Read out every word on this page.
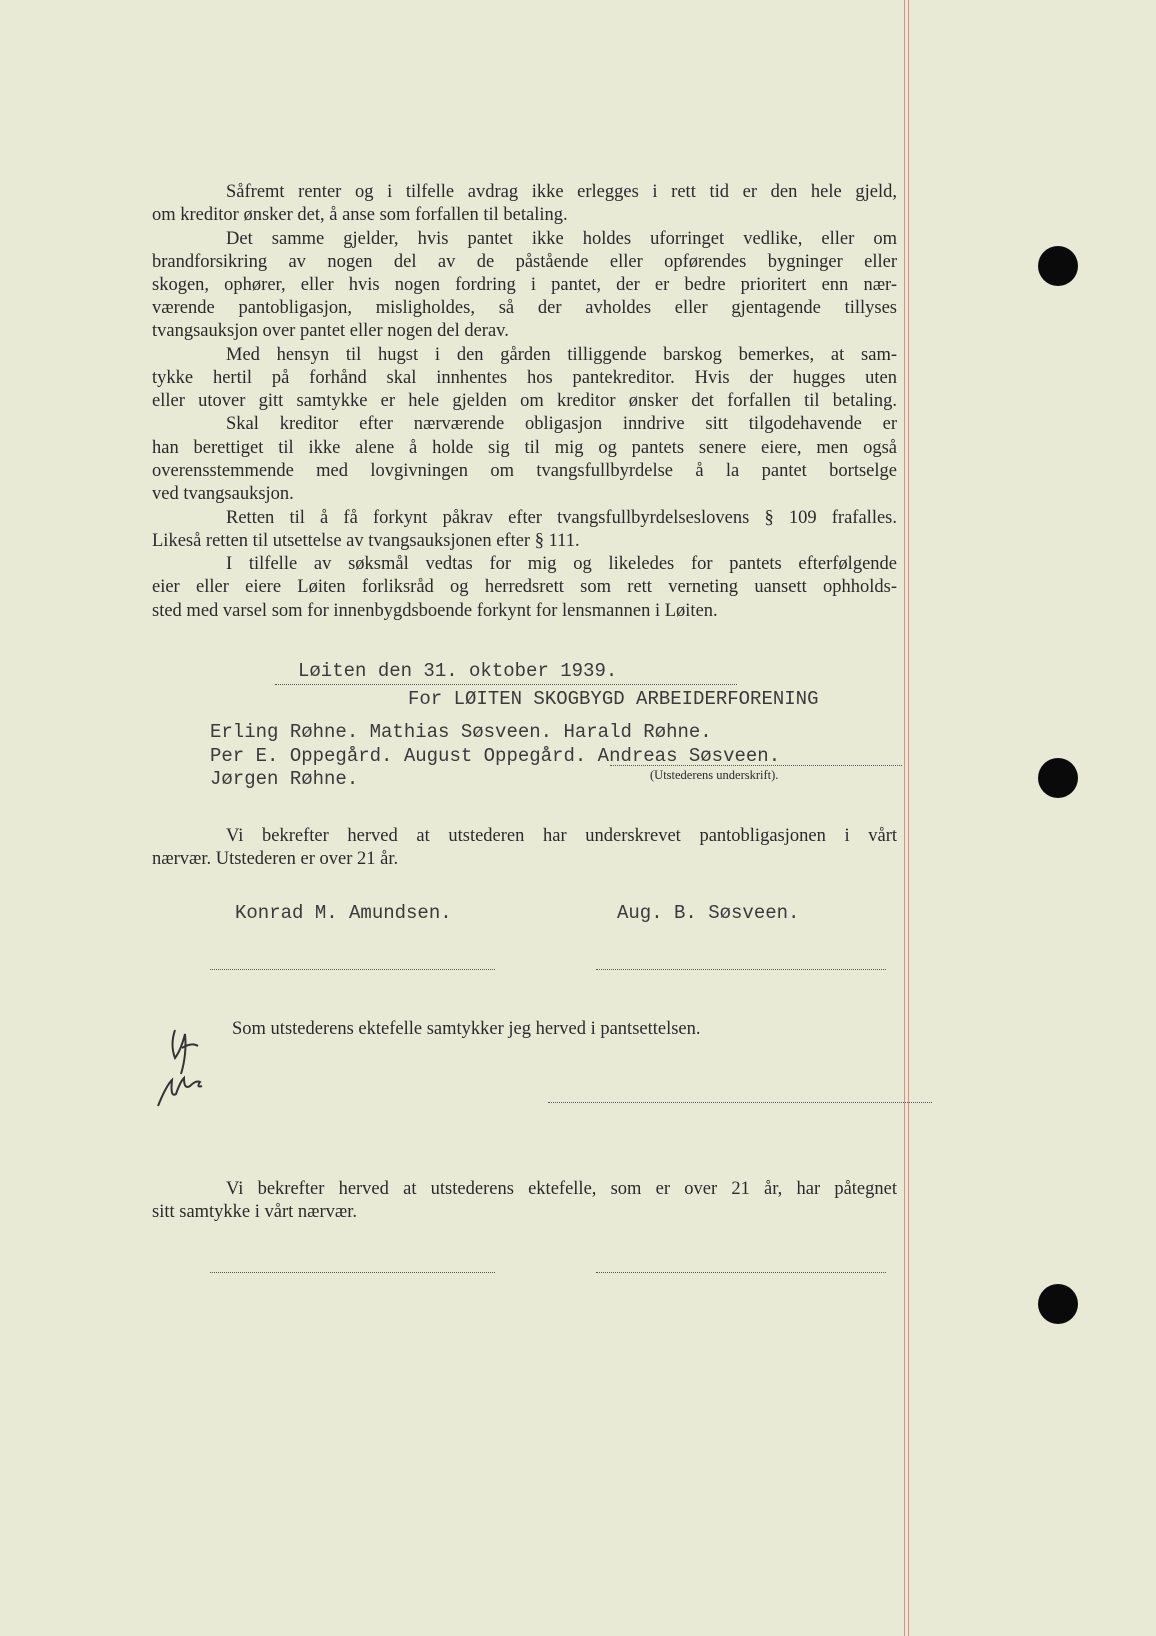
Såfremt renter og i tilfelle avdrag ikke erlegges i rett tid er den hele gjeld,
om kreditor ønsker det, å anse som forfallen til betaling.
Det samme gjelder, hvis pantet ikke holdes uforringet vedlike, eller om
brandforsikring av nogen del av de påstående eller opførendes bygninger eller
skogen, ophører, eller hvis nogen fordring i pantet, der er bedre prioritert enn nær-
værende pantobligasjon, misligholdes, så der avholdes eller gjentagende tillyses
tvangsauksjon over pantet eller nogen del derav.
Med hensyn til hugst i den gården tilliggende barskog bemerkes, at sam-
tykke hertil på forhånd skal innhentes hos pantekreditor. Hvis der hugges uten
eller utover gitt samtykke er hele gjelden om kreditor ønsker det forfallen til betaling.
Skal kreditor efter nærværende obligasjon inndrive sitt tilgodehavende er
han berettiget til ikke alene å holde sig til mig og pantets senere eiere, men også
overensstemmende med lovgivningen om tvangsfullbyrdelse å la pantet bortselge
ved tvangsauksjon.
Retten til å få forkynt påkrav efter tvangsfullbyrdelseslovens § 109 frafalles.
Likeså retten til utsettelse av tvangsauksjonen efter § 111.
I tilfelle av søksmål vedtas for mig og likeledes for pantets efterfølgende
eier eller eiere Løiten forliksråd og herredsrett som rett verneting uansett ophholds-
sted med varsel som for innenbygdsboende forkynt for lensmannen i Løiten.
Løiten den 31. oktober 1939.
For LØITEN SKOGBYGD ARBEIDERFORENING
Erling Røhne. Mathias Søsveen. Harald Røhne.
Per E. Oppegård. August Oppegård. Andreas Søsveen.
Jørgen Røhne.	(Utstederens underskrift).
Vi bekrefter herved at utstederen har underskrevet pantobligasjonen i vårt
nærvær. Utstederen er over 21 år.
Konrad M. Amundsen.	Aug. B. Søsveen.
Som utstederens ektefelle samtykker jeg herved i pantsettelsen.
Vi bekrefter herved at utstederens ektefelle, som er over 21 år, har påtegnet
sitt samtykke i vårt nærvær.
